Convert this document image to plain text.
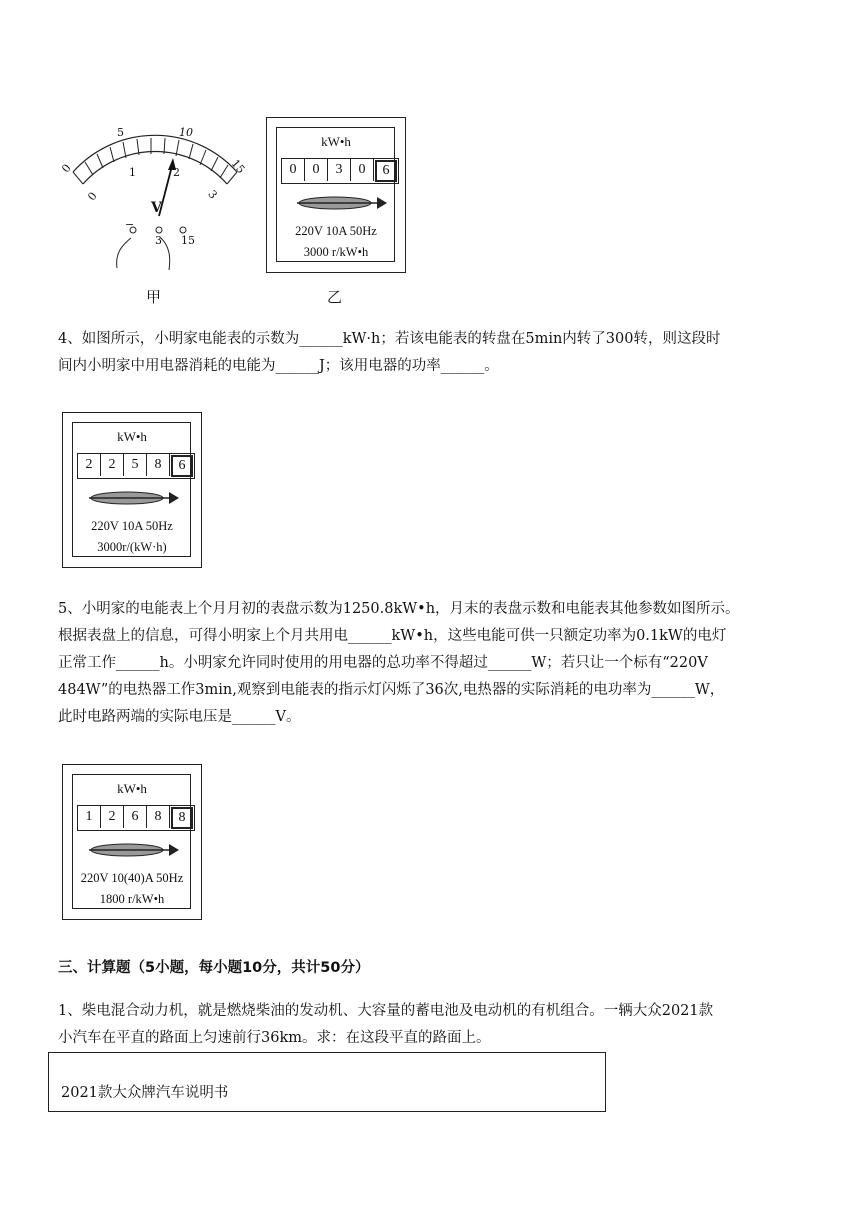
0
5	10
15
0
1	2
3
V
−
3 15
甲
kW•h
0	0	3	0	6
220V 10A 50Hz
3000 r/kW•h
乙

4、如图所示，小明家电能表的示数为______kW·h；若该电能表的转盘在5min内转了300转，则这段时

间内小明家中用电器消耗的电能为______J；该用电器的功率______。

kW•h
2	2	5	8	6
220V 10A 50Hz
3000r/(kW·h)

5、小明家的电能表上个月月初的表盘示数为1250.8kW•h，月末的表盘示数和电能表其他参数如图所示。

根据表盘上的信息，可得小明家上个月共用电______kW•h，这些电能可供一只额定功率为0.1kW的电灯

正常工作______h。小明家允许同时使用的用电器的总功率不得超过______W；若只让一个标有“220V

484W”的电热器工作3min,观察到电能表的指示灯闪烁了36次,电热器的实际消耗的电功率为______W，

此时电路两端的实际电压是______V。

kW•h
1	2	6	8	8
220V 10(40)A 50Hz
1800 r/kW•h
三、计算题（5小题，每小题10分，共计50分）

1、柴电混合动力机，就是燃烧柴油的发动机、大容量的蓄电池及电动机的有机组合。一辆大众2021款

小汽车在平直的路面上匀速前行36km。求：在这段平直的路面上。

2021款大众牌汽车说明书
